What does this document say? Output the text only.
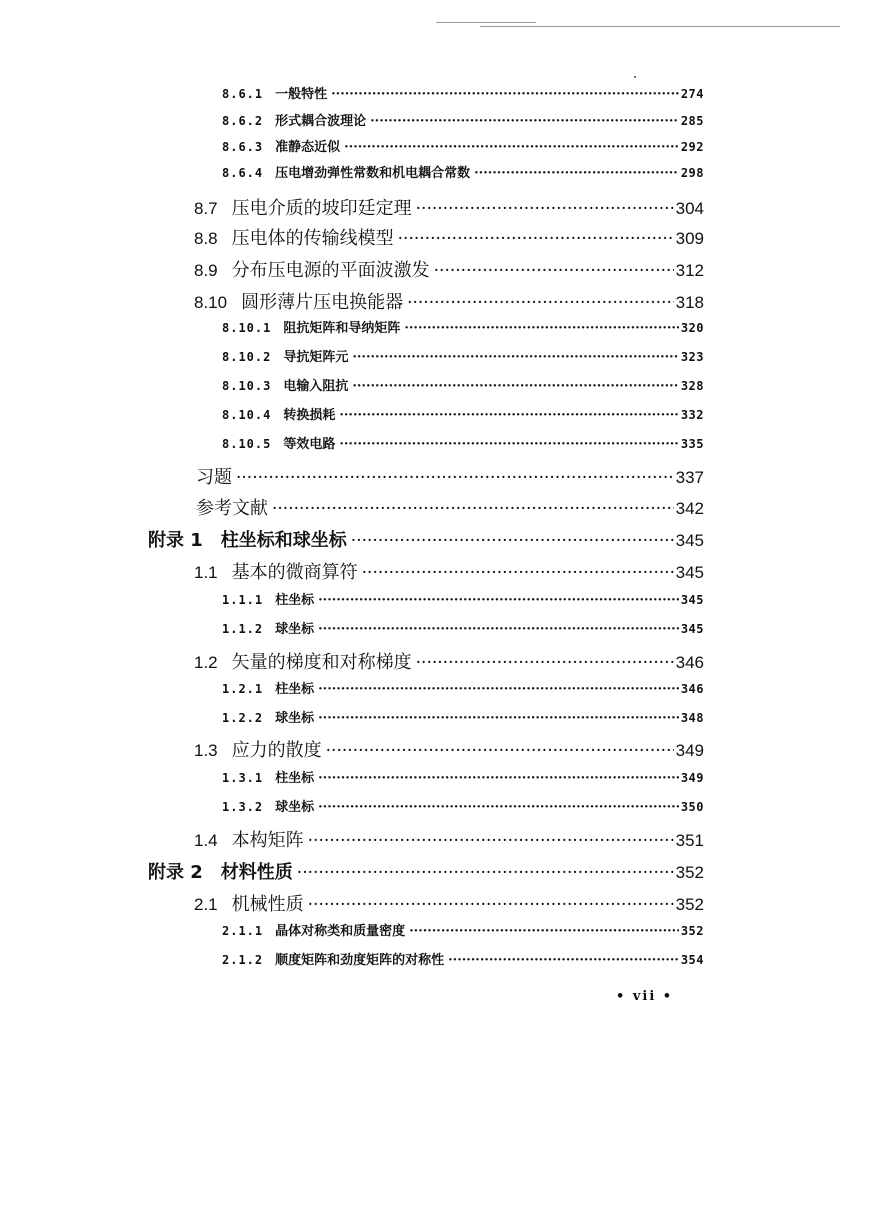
8.6.1 一般特性 ·····	274
8.6.2 形式耦合波理论 ·····	285
8.6.3 准静态近似 ·····	292
8.6.4 压电增劲弹性常数和机电耦合常数 ·····	298
8.7 压电介质的坡印廷定理 ·····	304
8.8 压电体的传输线模型 ·····	309
8.9 分布压电源的平面波激发 ·····	312
8.10 圆形薄片压电换能器 ·····	318
8.10.1 阻抗矩阵和导纳矩阵 ·····	320
8.10.2 导抗矩阵元 ·····	323
8.10.3 电输入阻抗 ·····	328
8.10.4 转换损耗 ·····	332
8.10.5 等效电路 ·····	335
习题 ·····	337
参考文献 ·····	342
附录 1 柱坐标和球坐标 ·····	345
1.1 基本的微商算符 ·····	345
1.1.1 柱坐标 ·····	345
1.1.2 球坐标 ·····	345
1.2 矢量的梯度和对称梯度 ·····	346
1.2.1 柱坐标 ·····	346
1.2.2 球坐标 ·····	348
1.3 应力的散度 ·····	349
1.3.1 柱坐标 ·····	349
1.3.2 球坐标 ·····	350
1.4 本构矩阵 ·····	351
附录 2 材料性质 ·····	352
2.1 机械性质 ·····	352
2.1.1 晶体对称类和质量密度 ·····	352
2.1.2 顺度矩阵和劲度矩阵的对称性 ·····	354
• vii •
